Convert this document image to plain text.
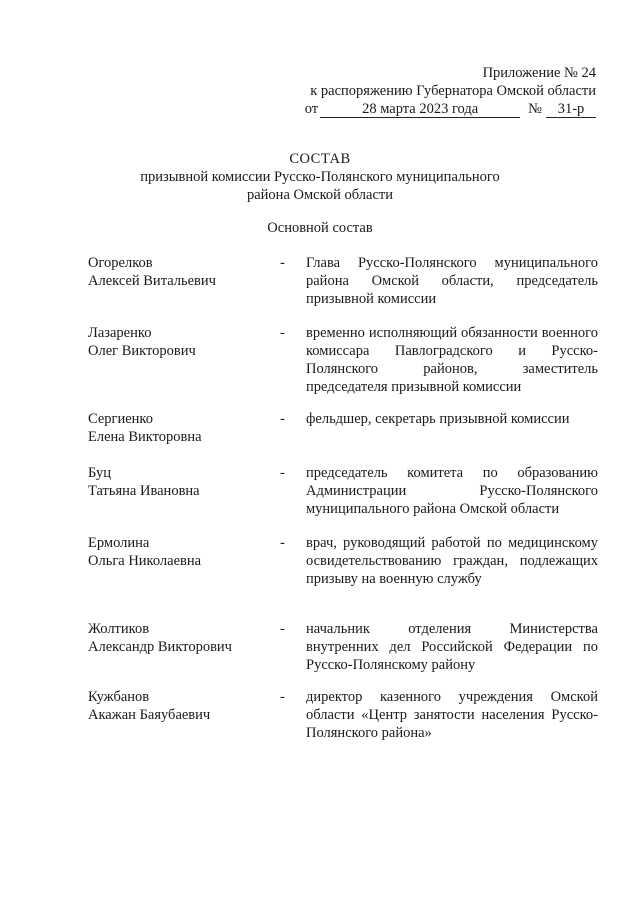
Приложение № 24
к распоряжению Губернатора Омской области
от	28 марта 2023 года	№	31-р
СОСТАВ
призывной комиссии Русско-Полянского муниципального
района Омской области
Основной состав
Огорелков
Алексей Витальевич
-	Глава Русско-Полянского муниципального района Омской области, председатель призывной комиссии
Лазаренко
Олег Викторович
-	временно исполняющий обязанности военного комиссара Павлоградского и Русско-Полянского районов, заместитель председателя призывной комиссии
Сергиенко
Елена Викторовна
-	фельдшер, секретарь призывной комиссии
Буц
Татьяна Ивановна
-	председатель комитета по образованию Администрации Русско-Полянского муниципального района Омской области
Ермолина
Ольга Николаевна
-	врач, руководящий работой по медицинскому освидетельствованию граждан, подлежащих призыву на военную службу
Жолтиков
Александр Викторович
-	начальник отделения Министерства внутренних дел Российской Федерации по Русско-Полянскому району
Кужбанов
Акажан Баяубаевич
-	директор казенного учреждения Омской области «Центр занятости населения Русско-Полянского района»
